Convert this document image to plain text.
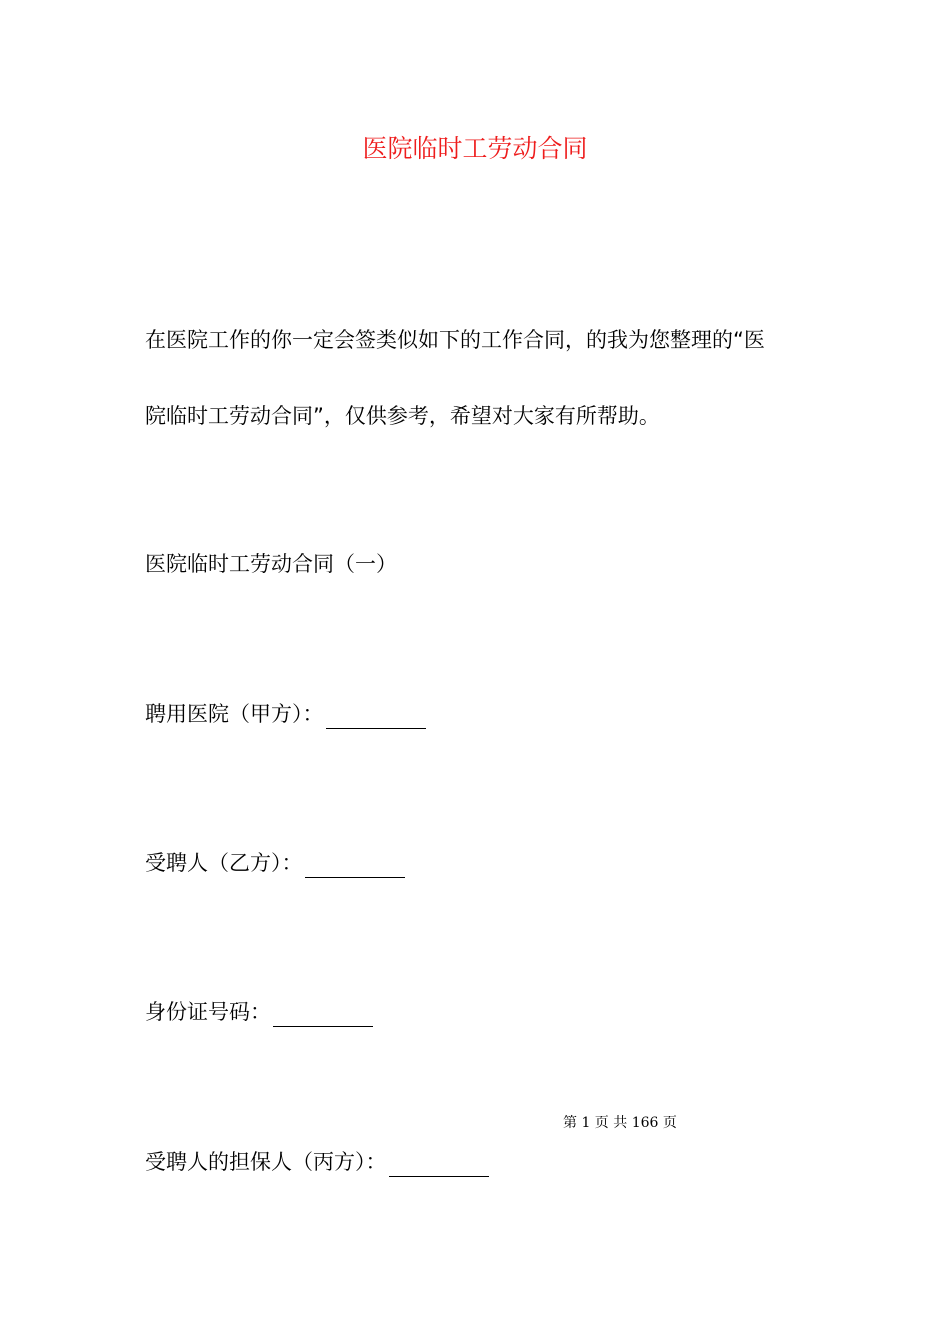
医院临时工劳动合同
在医院工作的你一定会签类似如下的工作合同，的我为您整理的“医
院临时工劳动合同”，仅供参考，希望对大家有所帮助。
医院临时工劳动合同（一）
聘用医院（甲方）：
受聘人（乙方）：
身份证号码：
第 1 页 共 166 页
受聘人的担保人（丙方）：
